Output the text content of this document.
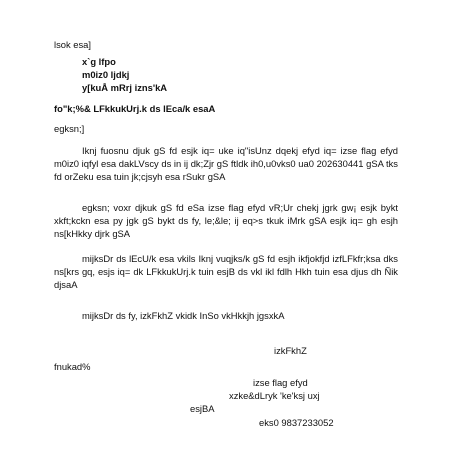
lsok esa]
x`g lfpo
m0iz0 ljdkj
y[kuÅ mRrj izns'kA
fo"k;%& LFkkukUrj.k ds lEca/k esaA
egksn;]

Iknj fuosnu djuk gS fd esjk iq= uke iq"isUnz dqekj efyd iq= izse flag efyd m0iz0 iqfyl esa dakLVscy ds in ij dk;Zjr gS ftldk ih0,u0vks0 ua0 202630441 gSA tks fd orZeku esa tuin jk;cjsyh esa rSukr gSA

egksn; voxr djkuk gS fd eSa izse flag efyd vR;Ur chekj jgrk gw¡ esjk bykt xkft;kckn esa py jgk gS bykt ds fy, le;&le; ij eq>s tkuk iMrk gSA esjk iq= gh esjh ns[kHkky djrk gSA

mijksDr ds lEcU/k esa vkils Iknj vuqjks/k gS fd esjh ikfjokfjd izfLFkfr;ksa dks ns[krs gq, esjs iq= dk LFkkukUrj.k tuin esjB ds vkl ikl fdlh Hkh tuin esa djus dh Ñik djsaA

mijksDr ds fy, izkFkhZ vkidk InSo vkHkkjh jgsxkA

izkFkhZ
fnukad%
izse flag efyd
xzke&dLryk 'ke'ksj uxj
esjBA
eks0 9837233052
